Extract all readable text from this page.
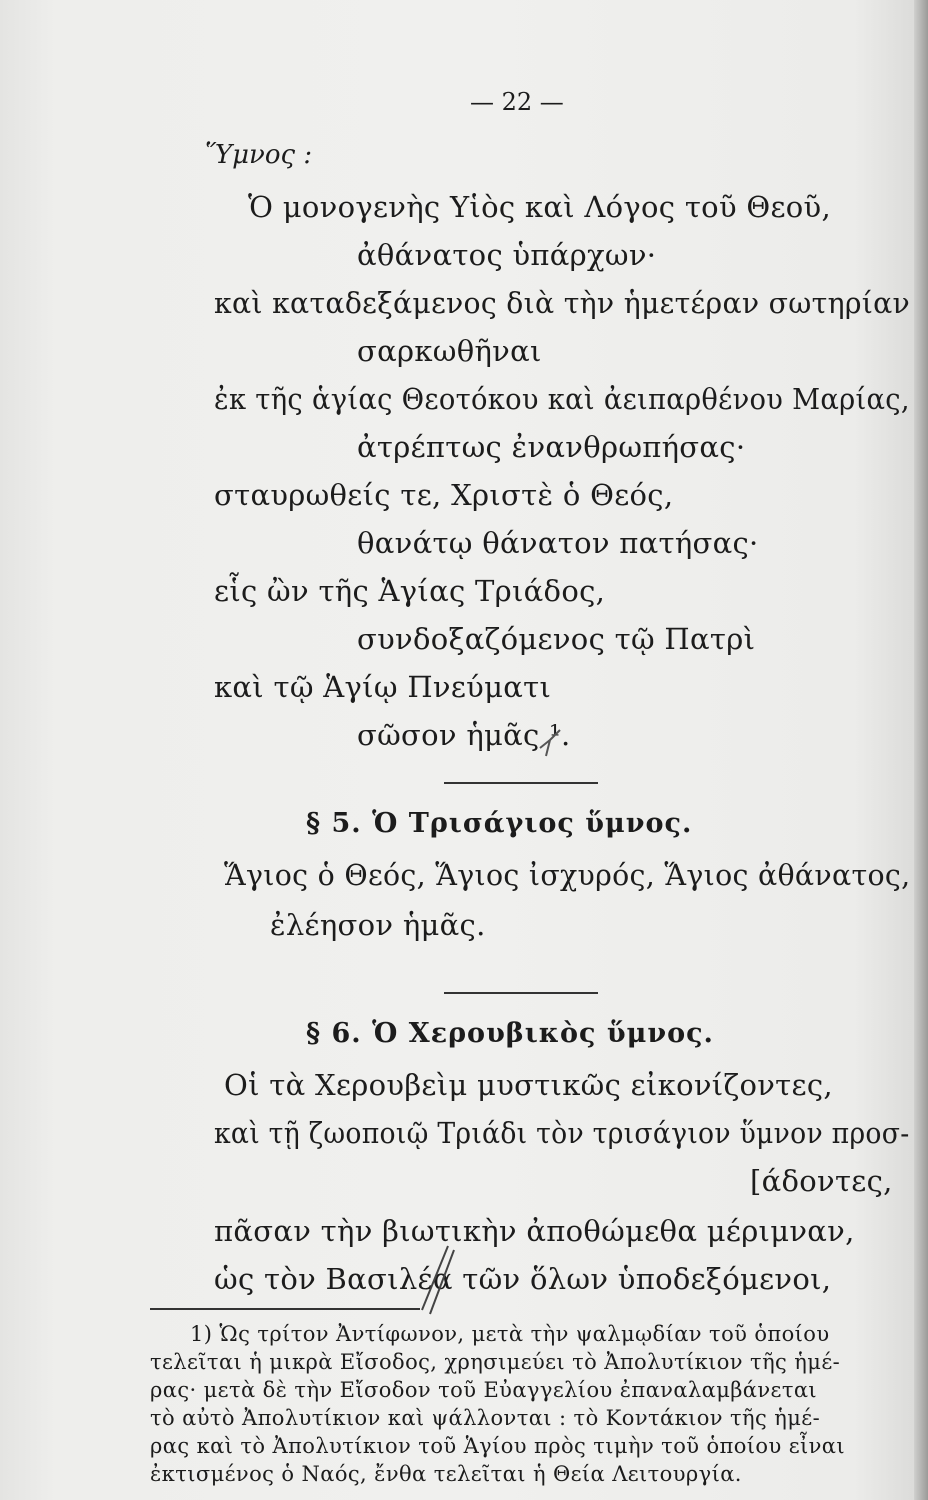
— 22 —
Ὕμνος :
Ὁ μονογενὴς Υἱὸς καὶ Λόγος τοῦ Θεοῦ,
ἀθάνατος ὑπάρχων·
καὶ καταδεξάμενος διὰ τὴν ἡμετέραν σωτηρίαν
σαρκωθῆναι
ἐκ τῆς ἁγίας Θεοτόκου καὶ ἀειπαρθένου Μαρίας,
ἀτρέπτως ἐνανθρωπήσας·
σταυρωθείς τε, Χριστὲ ὁ Θεός,
θανάτῳ θάνατον πατήσας·
εἷς ὢν τῆς Ἁγίας Τριάδος,
συνδοξαζόμενος τῷ Πατρὶ
καὶ τῷ Ἁγίῳ Πνεύματι
σῶσον ἡμᾶς ¹.
§ 5. Ὁ Τρισάγιος ὕμνος.
Ἅγιος ὁ Θεός, Ἅγιος ἰσχυρός, Ἅγιος ἀθάνατος,
ἐλέησον ἡμᾶς.
§ 6. Ὁ Χερουβικὸς ὕμνος.
Οἱ τὰ Χερουβεὶμ μυστικῶς εἰκονίζοντες,
καὶ τῇ ζωοποιῷ Τριάδι τὸν τρισάγιον ὕμνον προσ-
[άδοντες,
πᾶσαν τὴν βιωτικὴν ἀποθώμεθα μέριμναν,
ὡς τὸν Βασιλέα τῶν ὅλων ὑποδεξόμενοι,
1) Ὡς τρίτον Ἀντίφωνον, μετὰ τὴν ψαλμῳδίαν τοῦ ὁποίου
τελεῖται ἡ μικρὰ Εἴσοδος, χρησιμεύει τὸ Ἀπολυτίκιον τῆς ἡμέ-
ρας· μετὰ δὲ τὴν Εἴσοδον τοῦ Εὐαγγελίου ἐπαναλαμβάνεται
τὸ αὐτὸ Ἀπολυτίκιον καὶ ψάλλονται : τὸ Κοντάκιον τῆς ἡμέ-
ρας καὶ τὸ Ἀπολυτίκιον τοῦ Ἁγίου πρὸς τιμὴν τοῦ ὁποίου εἶναι
ἐκτισμένος ὁ Ναός, ἔνθα τελεῖται ἡ Θεία Λειτουργία.
